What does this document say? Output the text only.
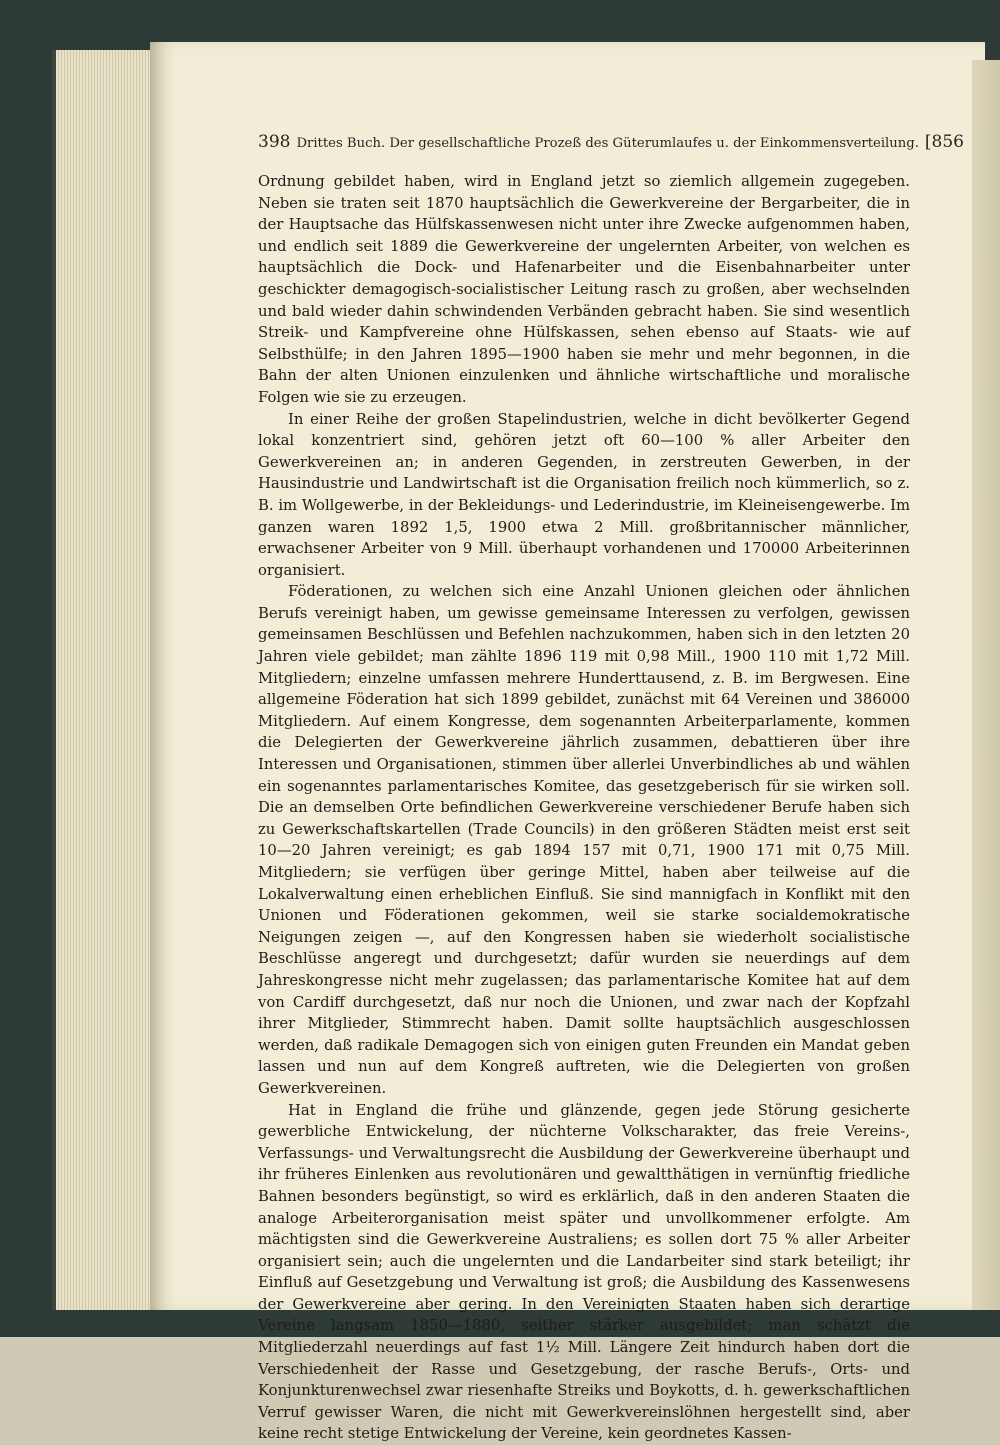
398 Drittes Buch. Der gesellschaftliche Prozeß des Güterumlaufes u. der Einkommensverteilung. [856

Ordnung gebildet haben, wird in England jetzt so ziemlich allgemein zugegeben. Neben sie traten seit 1870 hauptsächlich die Gewerkvereine der Bergarbeiter, die in der Hauptsache das Hülfskassenwesen nicht unter ihre Zwecke aufgenommen haben, und endlich seit 1889 die Gewerkvereine der ungelernten Arbeiter, von welchen es hauptsächlich die Dock- und Hafenarbeiter und die Eisenbahnarbeiter unter geschickter demagogisch-socialistischer Leitung rasch zu großen, aber wechselnden und bald wieder dahin schwindenden Verbänden gebracht haben. Sie sind wesentlich Streik- und Kampfvereine ohne Hülfskassen, sehen ebenso auf Staats- wie auf Selbsthülfe; in den Jahren 1895—1900 haben sie mehr und mehr begonnen, in die Bahn der alten Unionen einzulenken und ähnliche wirtschaftliche und moralische Folgen wie sie zu erzeugen.

In einer Reihe der großen Stapelindustrien, welche in dicht bevölkerter Gegend lokal konzentriert sind, gehören jetzt oft 60—100 % aller Arbeiter den Gewerkvereinen an; in anderen Gegenden, in zerstreuten Gewerben, in der Hausindustrie und Landwirtschaft ist die Organisation freilich noch kümmerlich, so z. B. im Wollgewerbe, in der Bekleidungs- und Lederindustrie, im Kleineisengewerbe. Im ganzen waren 1892 1,5, 1900 etwa 2 Mill. großbritannischer männlicher, erwachsener Arbeiter von 9 Mill. überhaupt vorhandenen und 170000 Arbeiterinnen organisiert.

Föderationen, zu welchen sich eine Anzahl Unionen gleichen oder ähnlichen Berufs vereinigt haben, um gewisse gemeinsame Interessen zu verfolgen, gewissen gemeinsamen Beschlüssen und Befehlen nachzukommen, haben sich in den letzten 20 Jahren viele gebildet; man zählte 1896 119 mit 0,98 Mill., 1900 110 mit 1,72 Mill. Mitgliedern; einzelne umfassen mehrere Hunderttausend, z. B. im Bergwesen. Eine allgemeine Föderation hat sich 1899 gebildet, zunächst mit 64 Vereinen und 386000 Mitgliedern. Auf einem Kongresse, dem sogenannten Arbeiterparlamente, kommen die Delegierten der Gewerkvereine jährlich zusammen, debattieren über ihre Interessen und Organisationen, stimmen über allerlei Unverbindliches ab und wählen ein sogenanntes parlamentarisches Komitee, das gesetzgeberisch für sie wirken soll. Die an demselben Orte befindlichen Gewerkvereine verschiedener Berufe haben sich zu Gewerkschaftskartellen (Trade Councils) in den größeren Städten meist erst seit 10—20 Jahren vereinigt; es gab 1894 157 mit 0,71, 1900 171 mit 0,75 Mill. Mitgliedern; sie verfügen über geringe Mittel, haben aber teilweise auf die Lokalverwaltung einen erheblichen Einfluß. Sie sind mannigfach in Konflikt mit den Unionen und Föderationen gekommen, weil sie starke socialdemokratische Neigungen zeigen —, auf den Kongressen haben sie wiederholt socialistische Beschlüsse angeregt und durchgesetzt; dafür wurden sie neuerdings auf dem Jahreskongresse nicht mehr zugelassen; das parlamentarische Komitee hat auf dem von Cardiff durchgesetzt, daß nur noch die Unionen, und zwar nach der Kopfzahl ihrer Mitglieder, Stimmrecht haben. Damit sollte hauptsächlich ausgeschlossen werden, daß radikale Demagogen sich von einigen guten Freunden ein Mandat geben lassen und nun auf dem Kongreß auftreten, wie die Delegierten von großen Gewerkvereinen.

Hat in England die frühe und glänzende, gegen jede Störung gesicherte gewerbliche Entwickelung, der nüchterne Volkscharakter, das freie Vereins-, Verfassungs- und Verwaltungsrecht die Ausbildung der Gewerkvereine überhaupt und ihr früheres Einlenken aus revolutionären und gewaltthätigen in vernünftig friedliche Bahnen besonders begünstigt, so wird es erklärlich, daß in den anderen Staaten die analoge Arbeiterorganisation meist später und unvollkommener erfolgte. Am mächtigsten sind die Gewerkvereine Australiens; es sollen dort 75 % aller Arbeiter organisiert sein; auch die ungelernten und die Landarbeiter sind stark beteiligt; ihr Einfluß auf Gesetzgebung und Verwaltung ist groß; die Ausbildung des Kassenwesens der Gewerkvereine aber gering. In den Vereinigten Staaten haben sich derartige Vereine langsam 1850—1880, seither stärker ausgebildet; man schätzt die Mitgliederzahl neuerdings auf fast 1½ Mill. Längere Zeit hindurch haben dort die Verschiedenheit der Rasse und Gesetzgebung, der rasche Berufs-, Orts- und Konjunkturenwechsel zwar riesenhafte Streiks und Boykotts, d. h. gewerkschaftlichen Verruf gewisser Waren, die nicht mit Gewerkvereinslöhnen hergestellt sind, aber keine recht stetige Entwickelung der Vereine, kein geordnetes Kassen-
